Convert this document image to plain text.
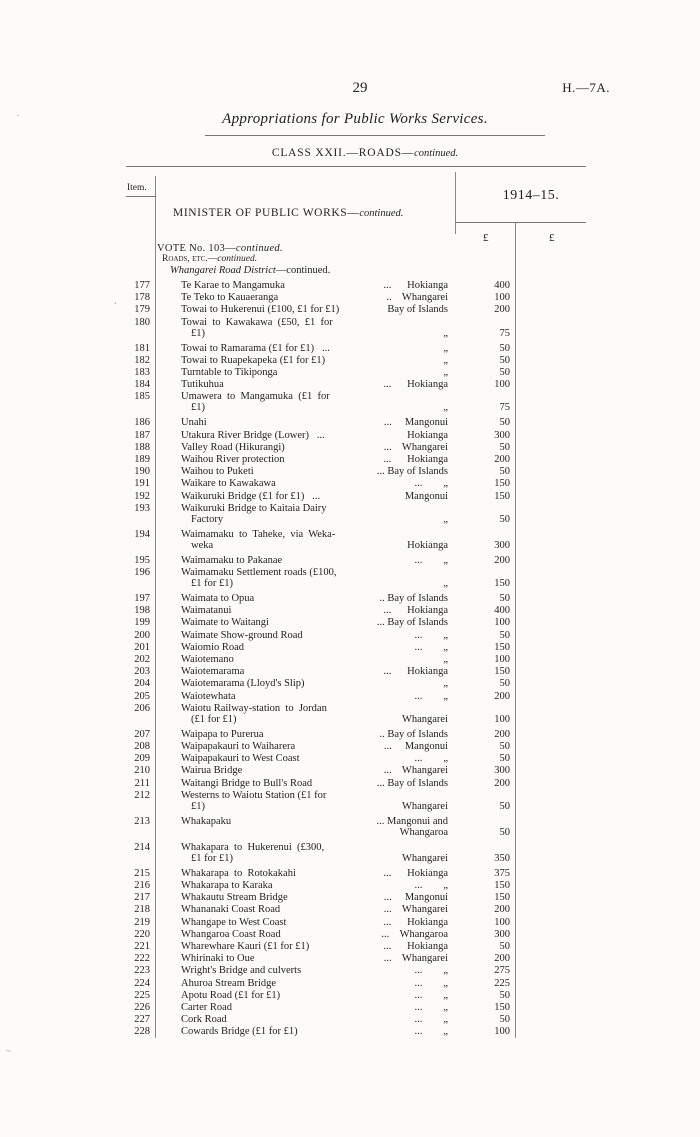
29	H.—7A.
Appropriations for Public Works Services.
CLASS XXII.—ROADS—continued.
Item.	1914–15.
MINISTER OF PUBLIC WORKS—continued.
£	£
VOTE No. 103—continued.
Roads, etc.—continued.
Whangarei Road District—continued.
177	Te Karae to Mangamuka	...      Hokianga	400
178	Te Teko to Kauaeranga	..    Whangarei	100
179	Towai to Hukerenui (£100, £1 for £1)	Bay of Islands	200
180	Towai  to  Kawakawa  (£50,  £1  for
£1)	„	75
181	Towai to Ramarama (£1 for £1)   ...	„	50
182	Towai to Ruapekapeka (£1 for £1)	„	50
183	Turntable to Tikiponga	„	50
184	Tutikuhua	...      Hokianga	100
185	Umawera  to  Mangamuka  (£1  for
£1)	„	75
186	Unahi	...     Mangonui	50
187	Utakura River Bridge (Lower)   ...	Hokianga	300
188	Valley Road (Hikurangi)	...    Whangarei	50
189	Waihou River protection	...      Hokianga	200
190	Waihou to Puketi	... Bay of Islands	50
191	Waikare to Kawakawa	...        „	150
192	Waikuruki Bridge (£1 for £1)   ...	Mangonui	150
193	Waikuruki Bridge to Kaitaia Dairy
Factory	„	50
194	Waimamaku  to  Taheke,  via  Weka-
weka	Hokianga	300
195	Waimamaku to Pakanae	...        „	200
196	Waimamaku Settlement roads (£100,
£1 for £1)	„	150
197	Waimata to Opua	.. Bay of Islands	50
198	Waimatanui	...      Hokianga	400
199	Waimate to Waitangi	... Bay of Islands	100
200	Waimate Show-ground Road	...        „	50
201	Waiomio Road	...        „	150
202	Waiotemano	„	100
203	Waiotemarama	...      Hokianga	150
204	Waiotemarama (Lloyd's Slip)	„	50
205	Waiotewhata	...        „	200
206	Waiotu Railway-station  to  Jordan
(£1 for £1)	Whangarei	100
207	Waipapa to Purerua	.. Bay of Islands	200
208	Waipapakauri to Waiharera	...     Mangonui	50
209	Waipapakauri to West Coast	...        „	50
210	Wairua Bridge	...    Whangarei	300
211	Waitangi Bridge to Bull's Road	... Bay of Islands	200
212	Westerns to Waiotu Station (£1 for
£1)	Whangarei	50
213	Whakapaku	... Mangonui and
Whangaroa	50
214	Whakapara  to  Hukerenui  (£300,
£1 for £1)	Whangarei	350
215	Whakarapa  to  Rotokakahi	...      Hokianga	375
216	Whakarapa to Karaka	...        „	150
217	Whakautu Stream Bridge	...     Mangonui	150
218	Whananaki Coast Road	...    Whangarei	200
219	Whangape to West Coast	...      Hokianga	100
220	Whangaroa Coast Road	...    Whangaroa	300
221	Wharewhare Kauri (£1 for £1)	...      Hokianga	50
222	Whirinaki to Oue	...    Whangarei	200
223	Wright's Bridge and culverts	...        „	275
224	Ahuroa Stream Bridge	...        „	225
225	Apotu Road (£1 for £1)	...        „	50
226	Carter Road	...        „	150
227	Cork Road	...        „	50
228	Cowards Bridge (£1 for £1)	...        „	100
·
.
~
